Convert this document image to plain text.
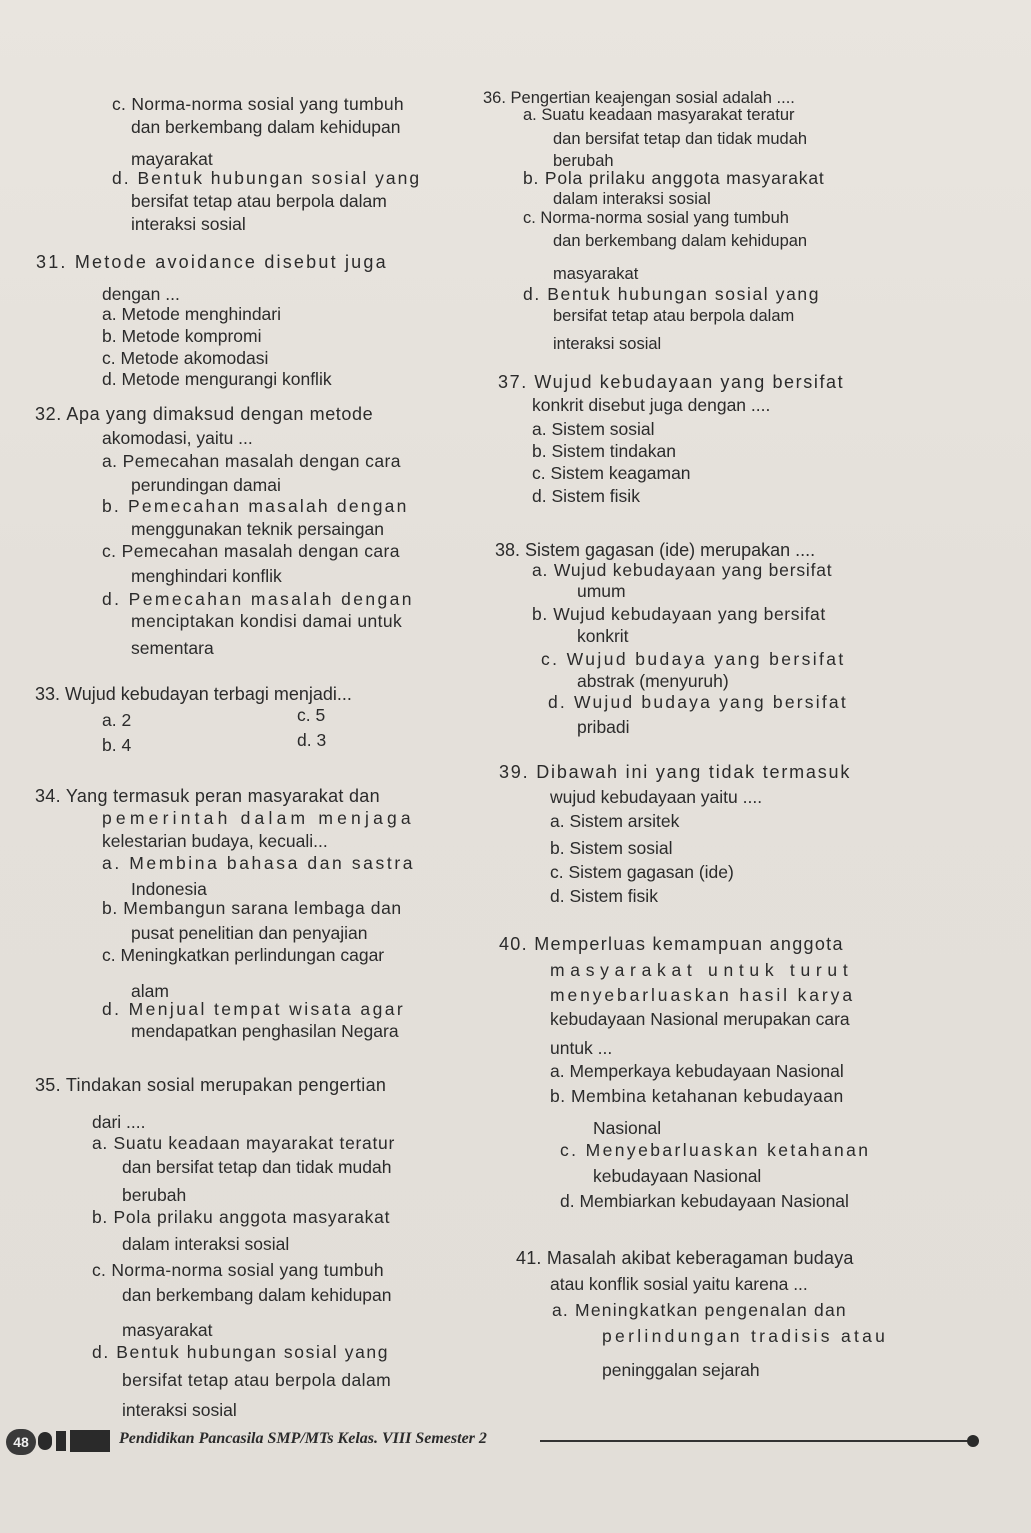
c. Norma-norma sosial yang tumbuh
dan berkembang dalam kehidupan
mayarakat
d. Bentuk hubungan sosial yang
bersifat tetap atau berpola dalam
interaksi sosial
31. Metode avoidance disebut juga
dengan ...
a. Metode menghindari
b. Metode kompromi
c. Metode akomodasi
d. Metode mengurangi konflik
32. Apa yang dimaksud dengan metode
akomodasi, yaitu ...
a. Pemecahan masalah dengan cara
perundingan damai
b. Pemecahan masalah dengan
menggunakan teknik persaingan
c. Pemecahan masalah dengan cara
menghindari konflik
d. Pemecahan masalah dengan
menciptakan kondisi damai untuk
sementara
33. Wujud kebudayan terbagi menjadi...
a. 2	c. 5
b. 4	d. 3
34. Yang termasuk peran masyarakat dan
pemerintah dalam menjaga
kelestarian budaya, kecuali...
a. Membina bahasa dan sastra
Indonesia
b. Membangun sarana lembaga dan
pusat penelitian dan penyajian
c. Meningkatkan perlindungan cagar
alam
d. Menjual tempat wisata agar
mendapatkan penghasilan Negara
35. Tindakan sosial merupakan pengertian
dari ....
a. Suatu keadaan mayarakat teratur
dan bersifat tetap dan tidak mudah
berubah
b. Pola prilaku anggota masyarakat
dalam interaksi sosial
c. Norma-norma sosial yang tumbuh
dan berkembang dalam kehidupan
masyarakat
d. Bentuk hubungan sosial yang
bersifat tetap atau berpola dalam
interaksi sosial
36. Pengertian keajengan sosial adalah ....
a. Suatu keadaan masyarakat teratur
dan bersifat tetap dan tidak mudah
berubah
b. Pola prilaku anggota masyarakat
dalam interaksi sosial
c. Norma-norma sosial yang tumbuh
dan berkembang dalam kehidupan
masyarakat
d. Bentuk hubungan sosial yang
bersifat tetap atau berpola dalam
interaksi sosial
37. Wujud kebudayaan yang bersifat
konkrit disebut juga dengan ....
a. Sistem sosial
b. Sistem tindakan
c. Sistem keagaman
d. Sistem fisik
38. Sistem gagasan (ide) merupakan ....
a. Wujud kebudayaan yang bersifat
umum
b. Wujud kebudayaan yang bersifat
konkrit
c. Wujud budaya yang bersifat
abstrak (menyuruh)
d. Wujud budaya yang bersifat
pribadi
39. Dibawah ini yang tidak termasuk
wujud kebudayaan yaitu ....
a. Sistem arsitek
b. Sistem sosial
c. Sistem gagasan (ide)
d. Sistem fisik
40. Memperluas kemampuan anggota
masyarakat untuk turut
menyebarluaskan hasil karya
kebudayaan Nasional merupakan cara
untuk ...
a. Memperkaya kebudayaan Nasional
b. Membina ketahanan kebudayaan
Nasional
c. Menyebarluaskan ketahanan
kebudayaan Nasional
d. Membiarkan kebudayaan Nasional
41. Masalah akibat keberagaman budaya
atau konflik sosial yaitu karena ...
a. Meningkatkan pengenalan dan
perlindungan tradisis atau
peninggalan sejarah
48	Pendidikan Pancasila SMP/MTs Kelas. VIII Semester 2
